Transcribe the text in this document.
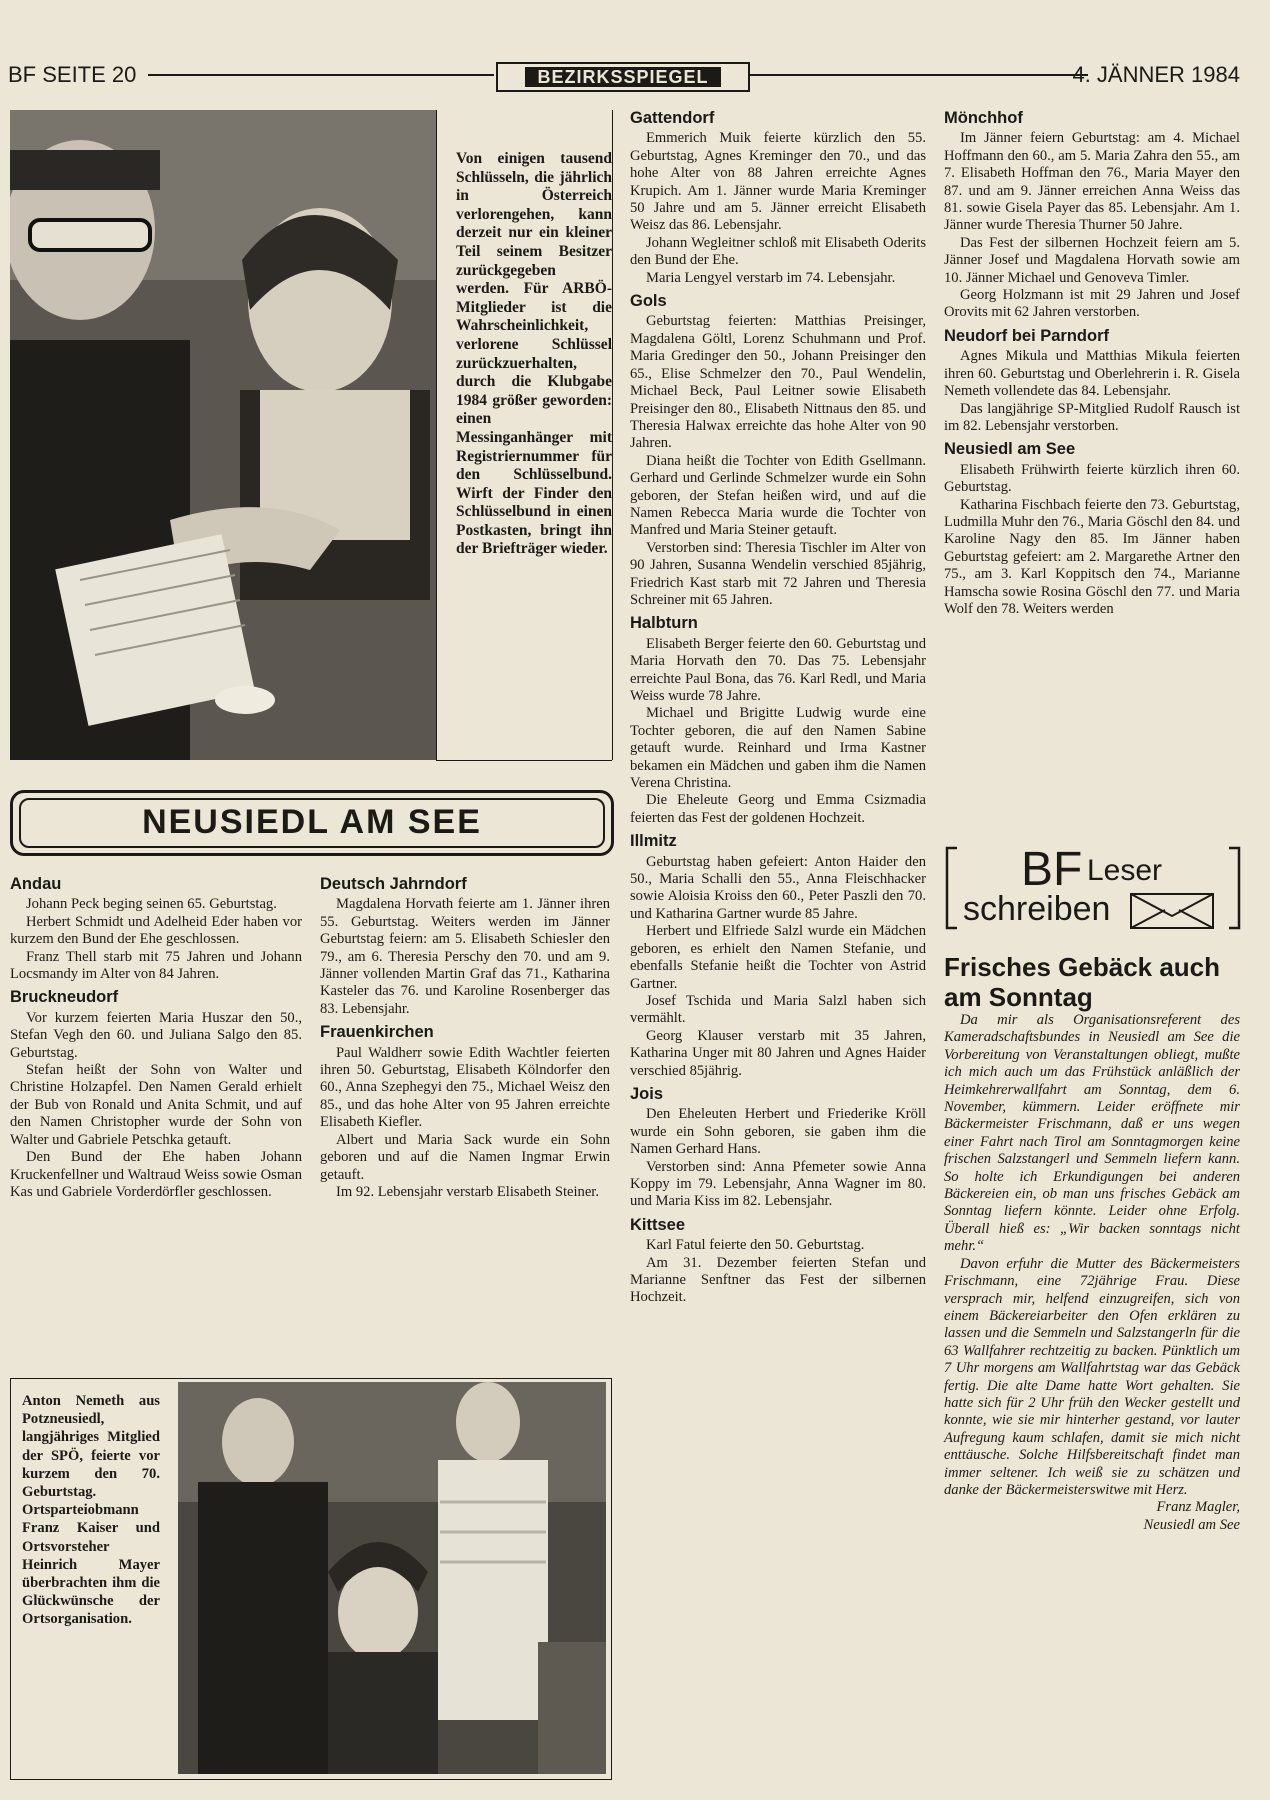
BF SEITE 20	BEZIRKSSPIEGEL	4. JÄNNER 1984
Von einigen tausend Schlüsseln, die jährlich in Österreich verlorengehen, kann derzeit nur ein kleiner Teil seinem Besitzer zurückgegeben werden. Für ARBÖ-Mitglieder ist die Wahrscheinlichkeit, verlorene Schlüssel zurückzuerhalten, durch die Klubgabe 1984 größer geworden: einen Messinganhänger mit Registriernummer für den Schlüsselbund. Wirft der Finder den Schlüsselbund in einen Postkasten, bringt ihn der Briefträger wieder.
NEUSIEDL AM SEE
Andau

Johann Peck beging seinen 65. Geburtstag.

Herbert Schmidt und Adelheid Eder haben vor kurzem den Bund der Ehe geschlossen.

Franz Thell starb mit 75 Jahren und Johann Locsmandy im Alter von 84 Jahren.

Bruckneudorf

Vor kurzem feierten Maria Huszar den 50., Stefan Vegh den 60. und Juliana Salgo den 85. Geburtstag.

Stefan heißt der Sohn von Walter und Christine Holzapfel. Den Namen Gerald erhielt der Bub von Ronald und Anita Schmit, und auf den Namen Christopher wurde der Sohn von Walter und Gabriele Petschka getauft.

Den Bund der Ehe haben Johann Kruckenfellner und Waltraud Weiss sowie Osman Kas und Gabriele Vorderdörfler geschlossen.

Deutsch Jahrndorf

Magdalena Horvath feierte am 1. Jänner ihren 55. Geburtstag. Weiters werden im Jänner Geburtstag feiern: am 5. Elisabeth Schiesler den 79., am 6. Theresia Perschy den 70. und am 9. Jänner vollenden Martin Graf das 71., Katharina Kasteler das 76. und Karoline Rosenberger das 83. Lebensjahr.

Frauenkirchen

Paul Waldherr sowie Edith Wachtler feierten ihren 50. Geburtstag, Elisabeth Kölndorfer den 60., Anna Szephegyi den 75., Michael Weisz den 85., und das hohe Alter von 95 Jahren erreichte Elisabeth Kiefler.

Albert und Maria Sack wurde ein Sohn geboren und auf die Namen Ingmar Erwin getauft.

Im 92. Lebensjahr verstarb Elisabeth Steiner.

Gattendorf

Emmerich Muik feierte kürzlich den 55. Geburtstag, Agnes Kreminger den 70., und das hohe Alter von 88 Jahren erreichte Agnes Krupich. Am 1. Jänner wurde Maria Kreminger 50 Jahre und am 5. Jänner erreicht Elisabeth Weisz das 86. Lebensjahr.

Johann Wegleitner schloß mit Elisabeth Oderits den Bund der Ehe.

Maria Lengyel verstarb im 74. Lebensjahr.

Gols

Geburtstag feierten: Matthias Preisinger, Magdalena Göltl, Lorenz Schuhmann und Prof. Maria Gredinger den 50., Johann Preisinger den 65., Elise Schmelzer den 70., Paul Wendelin, Michael Beck, Paul Leitner sowie Elisabeth Preisinger den 80., Elisabeth Nittnaus den 85. und Theresia Halwax erreichte das hohe Alter von 90 Jahren.

Diana heißt die Tochter von Edith Gsellmann. Gerhard und Gerlinde Schmelzer wurde ein Sohn geboren, der Stefan heißen wird, und auf die Namen Rebecca Maria wurde die Tochter von Manfred und Maria Steiner getauft.

Verstorben sind: Theresia Tischler im Alter von 90 Jahren, Susanna Wendelin verschied 85jährig, Friedrich Kast starb mit 72 Jahren und Theresia Schreiner mit 65 Jahren.

Halbturn

Elisabeth Berger feierte den 60. Geburtstag und Maria Horvath den 70. Das 75. Lebensjahr erreichte Paul Bona, das 76. Karl Redl, und Maria Weiss wurde 78 Jahre.

Michael und Brigitte Ludwig wurde eine Tochter geboren, die auf den Namen Sabine getauft wurde. Reinhard und Irma Kastner bekamen ein Mädchen und gaben ihm die Namen Verena Christina.

Die Eheleute Georg und Emma Csizmadia feierten das Fest der goldenen Hochzeit.

Illmitz

Geburtstag haben gefeiert: Anton Haider den 50., Maria Schalli den 55., Anna Fleischhacker sowie Aloisia Kroiss den 60., Peter Paszli den 70. und Katharina Gartner wurde 85 Jahre.

Herbert und Elfriede Salzl wurde ein Mädchen geboren, es erhielt den Namen Stefanie, und ebenfalls Stefanie heißt die Tochter von Astrid Gartner.

Josef Tschida und Maria Salzl haben sich vermählt.

Georg Klauser verstarb mit 35 Jahren, Katharina Unger mit 80 Jahren und Agnes Haider verschied 85jährig.

Jois

Den Eheleuten Herbert und Friederike Kröll wurde ein Sohn geboren, sie gaben ihm die Namen Gerhard Hans.

Verstorben sind: Anna Pfemeter sowie Anna Koppy im 79. Lebensjahr, Anna Wagner im 80. und Maria Kiss im 82. Lebensjahr.

Kittsee

Karl Fatul feierte den 50. Geburtstag.

Am 31. Dezember feierten Stefan und Marianne Senftner das Fest der silbernen Hochzeit.

Mönchhof

Im Jänner feiern Geburtstag: am 4. Michael Hoffmann den 60., am 5. Maria Zahra den 55., am 7. Elisabeth Hoffman den 76., Maria Mayer den 87. und am 9. Jänner erreichen Anna Weiss das 81. sowie Gisela Payer das 85. Lebensjahr. Am 1. Jänner wurde Theresia Thurner 50 Jahre.

Das Fest der silbernen Hochzeit feiern am 5. Jänner Josef und Magdalena Horvath sowie am 10. Jänner Michael und Genoveva Timler.

Georg Holzmann ist mit 29 Jahren und Josef Orovits mit 62 Jahren verstorben.

Neudorf bei Parndorf

Agnes Mikula und Matthias Mikula feierten ihren 60. Geburtstag und Oberlehrerin i. R. Gisela Nemeth vollendete das 84. Lebensjahr.

Das langjährige SP-Mitglied Rudolf Rausch ist im 82. Lebensjahr verstorben.

Neusiedl am See

Elisabeth Frühwirth feierte kürzlich ihren 60. Geburtstag.

Katharina Fischbach feierte den 73. Geburtstag, Ludmilla Muhr den 76., Maria Göschl den 84. und Karoline Nagy den 85. Im Jänner haben Geburtstag gefeiert: am 2. Margarethe Artner den 75., am 3. Karl Koppitsch den 74., Marianne Hamscha sowie Rosina Göschl den 77. und Maria Wolf den 78. Weiters werden

Anton Nemeth aus Potzneusiedl, langjähriges Mitglied der SPÖ, feierte vor kurzem den 70. Geburtstag. Ortsparteiobmann Franz Kaiser und Ortsvorsteher Heinrich Mayer überbrachten ihm die Glückwünsche der Ortsorganisation.
BF Leser
schreiben
Frisches Gebäck auch am Sonntag

Da mir als Organisationsreferent des Kameradschaftsbundes in Neusiedl am See die Vorbereitung von Veranstaltungen obliegt, mußte ich mich auch um das Frühstück anläßlich der Heimkehrerwallfahrt am Sonntag, dem 6. November, kümmern. Leider eröffnete mir Bäckermeister Frischmann, daß er uns wegen einer Fahrt nach Tirol am Sonntagmorgen keine frischen Salzstangerl und Semmeln liefern kann. So holte ich Erkundigungen bei anderen Bäckereien ein, ob man uns frisches Gebäck am Sonntag liefern könnte. Leider ohne Erfolg. Überall hieß es: „Wir backen sonntags nicht mehr.“

Davon erfuhr die Mutter des Bäckermeisters Frischmann, eine 72jährige Frau. Diese versprach mir, helfend einzugreifen, sich von einem Bäckereiarbeiter den Ofen erklären zu lassen und die Semmeln und Salzstangerln für die 63 Wallfahrer rechtzeitig zu backen. Pünktlich um 7 Uhr morgens am Wallfahrtstag war das Gebäck fertig. Die alte Dame hatte Wort gehalten. Sie hatte sich für 2 Uhr früh den Wecker gestellt und konnte, wie sie mir hinterher gestand, vor lauter Aufregung kaum schlafen, damit sie mich nicht enttäusche. Solche Hilfsbereitschaft findet man immer seltener. Ich weiß sie zu schätzen und danke der Bäckermeisterswitwe mit Herz.

Franz Magler,
Neusiedl am See
